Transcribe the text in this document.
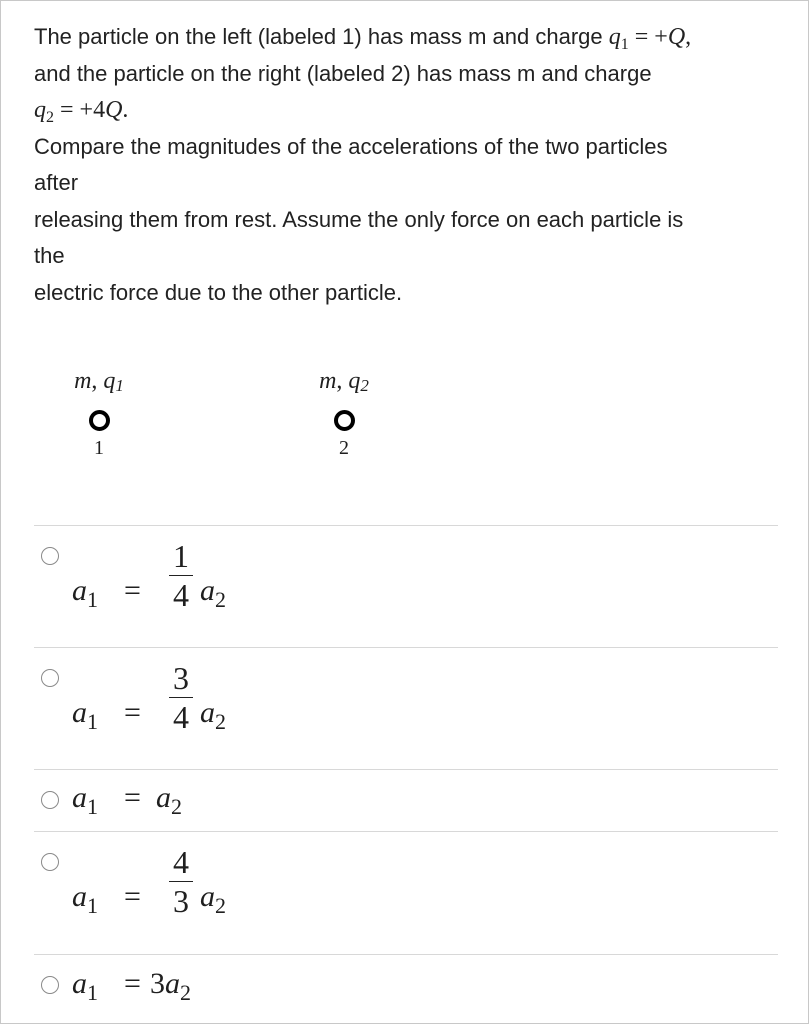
The particle on the left (labeled 1) has mass m and charge $q_1 = +Q$,
and the particle on the right (labeled 2) has mass m and charge
$q_2 = +4Q$.
Compare the magnitudes of the accelerations of the two particles
after
releasing them from rest. Assume the only force on each particle is
the
electric force due to the other particle.
m, q1
1
m, q2
2
$a_1$ =
1
4 $a_2$
$a_1$ =
3
4 $a_2$
$a_1 = a_2$
$a_1$ =
4
3 $a_2$
$a_1 = 3a_2$
